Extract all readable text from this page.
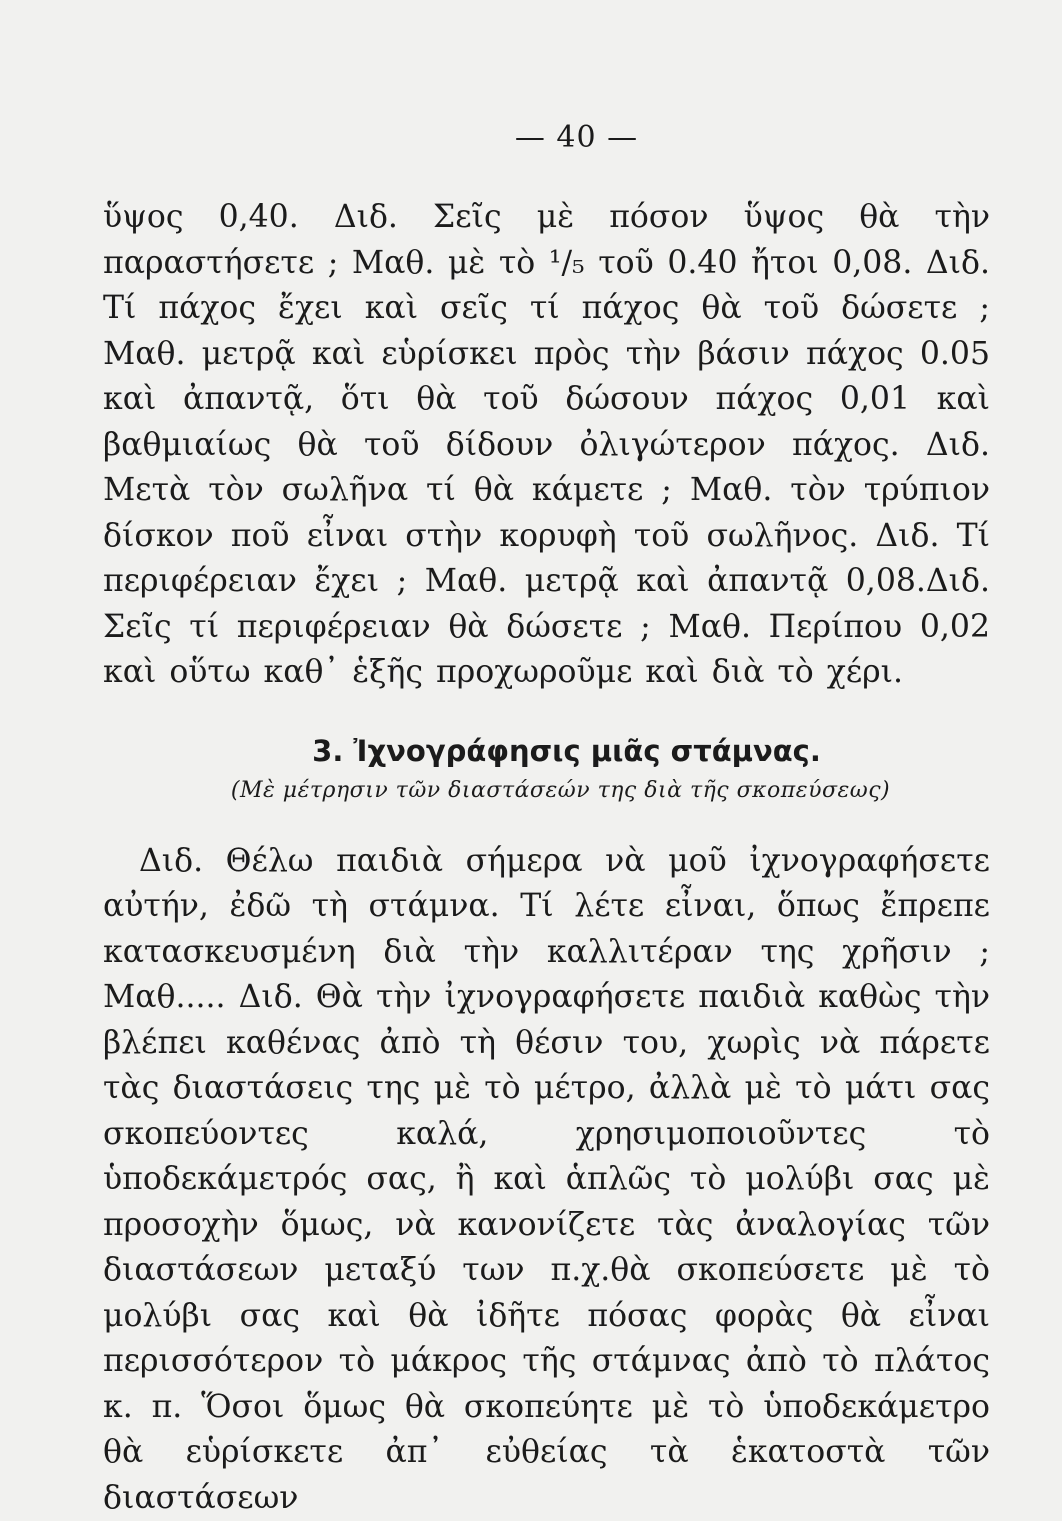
— 40 —

ὕψος 0,40. Διδ. Σεῖς μὲ πόσον ὕψος θὰ τὴν παραστήσετε ; Μαθ. μὲ τὸ ¹/₅ τοῦ 0.40 ἤτοι 0,08. Διδ. Τί πάχος ἔχει καὶ σεῖς τί πάχος θὰ τοῦ δώσετε ; Μαθ. μετρᾷ καὶ εὑρίσκει πρὸς τὴν βάσιν πάχος 0.05 καὶ ἀπαντᾷ, ὅτι θὰ τοῦ δώσουν πάχος 0,01 καὶ βαθμιαίως θὰ τοῦ δίδουν ὀλιγώτερον πάχος. Διδ. Μετὰ τὸν σωλῆνα τί θὰ κάμετε ; Μαθ. τὸν τρύπιον δίσκον ποῦ εἶναι στὴν κορυφὴ τοῦ σωλῆνος. Διδ. Τί περιφέρειαν ἔχει ; Μαθ. μετρᾷ καὶ ἀπαντᾷ 0,08.Διδ. Σεῖς τί περιφέρειαν θὰ δώσετε ; Μαθ. Περίπου 0,02 καὶ οὕτω καθ᾽ ἑξῆς προχωροῦμε καὶ διὰ τὸ χέρι.

3. Ἰχνογράφησις μιᾶς στάμνας.
(Μὲ μέτρησιν τῶν διαστάσεών της διὰ τῆς σκοπεύσεως)

Διδ. Θέλω παιδιὰ σήμερα νὰ μοῦ ἰχνογραφήσετε αὐτήν, ἐδῶ τὴ στάμνα. Τί λέτε εἶναι, ὅπως ἔπρεπε κατασκευσμένη διὰ τὴν καλλιτέραν της χρῆσιν ; Μαθ..... Διδ. Θὰ τὴν ἰχνογραφήσετε παιδιὰ καθὼς τὴν βλέπει καθένας ἀπὸ τὴ θέσιν του, χωρὶς νὰ πάρετε τὰς διαστάσεις της μὲ τὸ μέτρο, ἀλλὰ μὲ τὸ μάτι σας σκοπεύοντες καλά, χρησιμοποιοῦντες τὸ ὑποδεκάμετρός σας, ἢ καὶ ἁπλῶς τὸ μολύβι σας μὲ προσοχὴν ὅμως, νὰ κανονίζετε τὰς ἀναλογίας τῶν διαστάσεων μεταξύ των π.χ.θὰ σκοπεύσετε μὲ τὸ μολύβι σας καὶ θὰ ἰδῆτε πόσας φορὰς θὰ εἶναι περισσότερον τὸ μάκρος τῆς στάμνας ἀπὸ τὸ πλάτος κ. π. Ὅσοι ὅμως θὰ σκοπεύητε μὲ τὸ ὑποδεκάμετρο θὰ εὑρίσκετε ἀπ᾽ εὐθείας τὰ ἑκατοστὰ τῶν διαστάσεων
